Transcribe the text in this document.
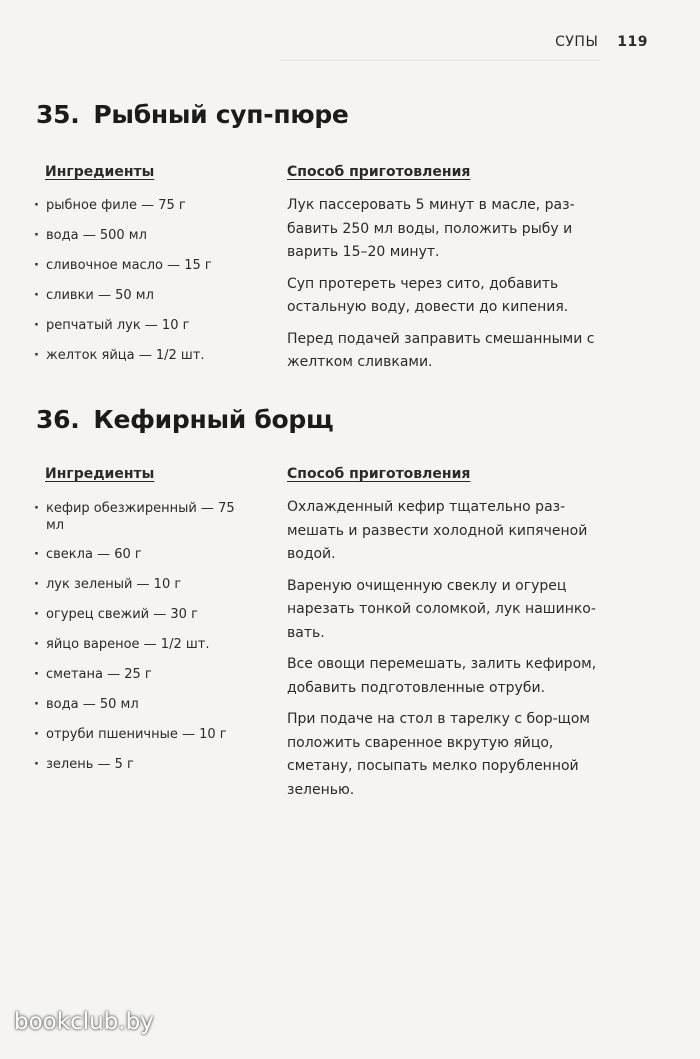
СУПЫ 119
35. Рыбный суп-пюре
Ингредиенты	Способ приготовления
· рыбное филе — 75 г
· вода — 500 мл
· сливочное масло — 15 г
· сливки — 50 мл
· репчатый лук — 10 г
· желток яйца — 1/2 шт.

Лук пассеровать 5 минут в масле, раз-бавить 250 мл воды, положить рыбу и варить 15–20 минут.

Суп протереть через сито, добавить остальную воду, довести до кипения.

Перед подачей заправить смешанными с желтком сливками.

36. Кефирный борщ
Ингредиенты	Способ приготовления
· кефир обезжиренный — 75 мл
· свекла — 60 г
· лук зеленый — 10 г
· огурец свежий — 30 г
· яйцо вареное — 1/2 шт.
· сметана — 25 г
· вода — 50 мл
· отруби пшеничные — 10 г
· зелень — 5 г

Охлажденный кефир тщательно раз-мешать и развести холодной кипяченой водой.

Вареную очищенную свеклу и огурец нарезать тонкой соломкой, лук нашинко-вать.

Все овощи перемешать, залить кефиром, добавить подготовленные отруби.

При подаче на стол в тарелку с бор-щом положить сваренное вкрутую яйцо, сметану, посыпать мелко порубленной зеленью.

bookclub.by
